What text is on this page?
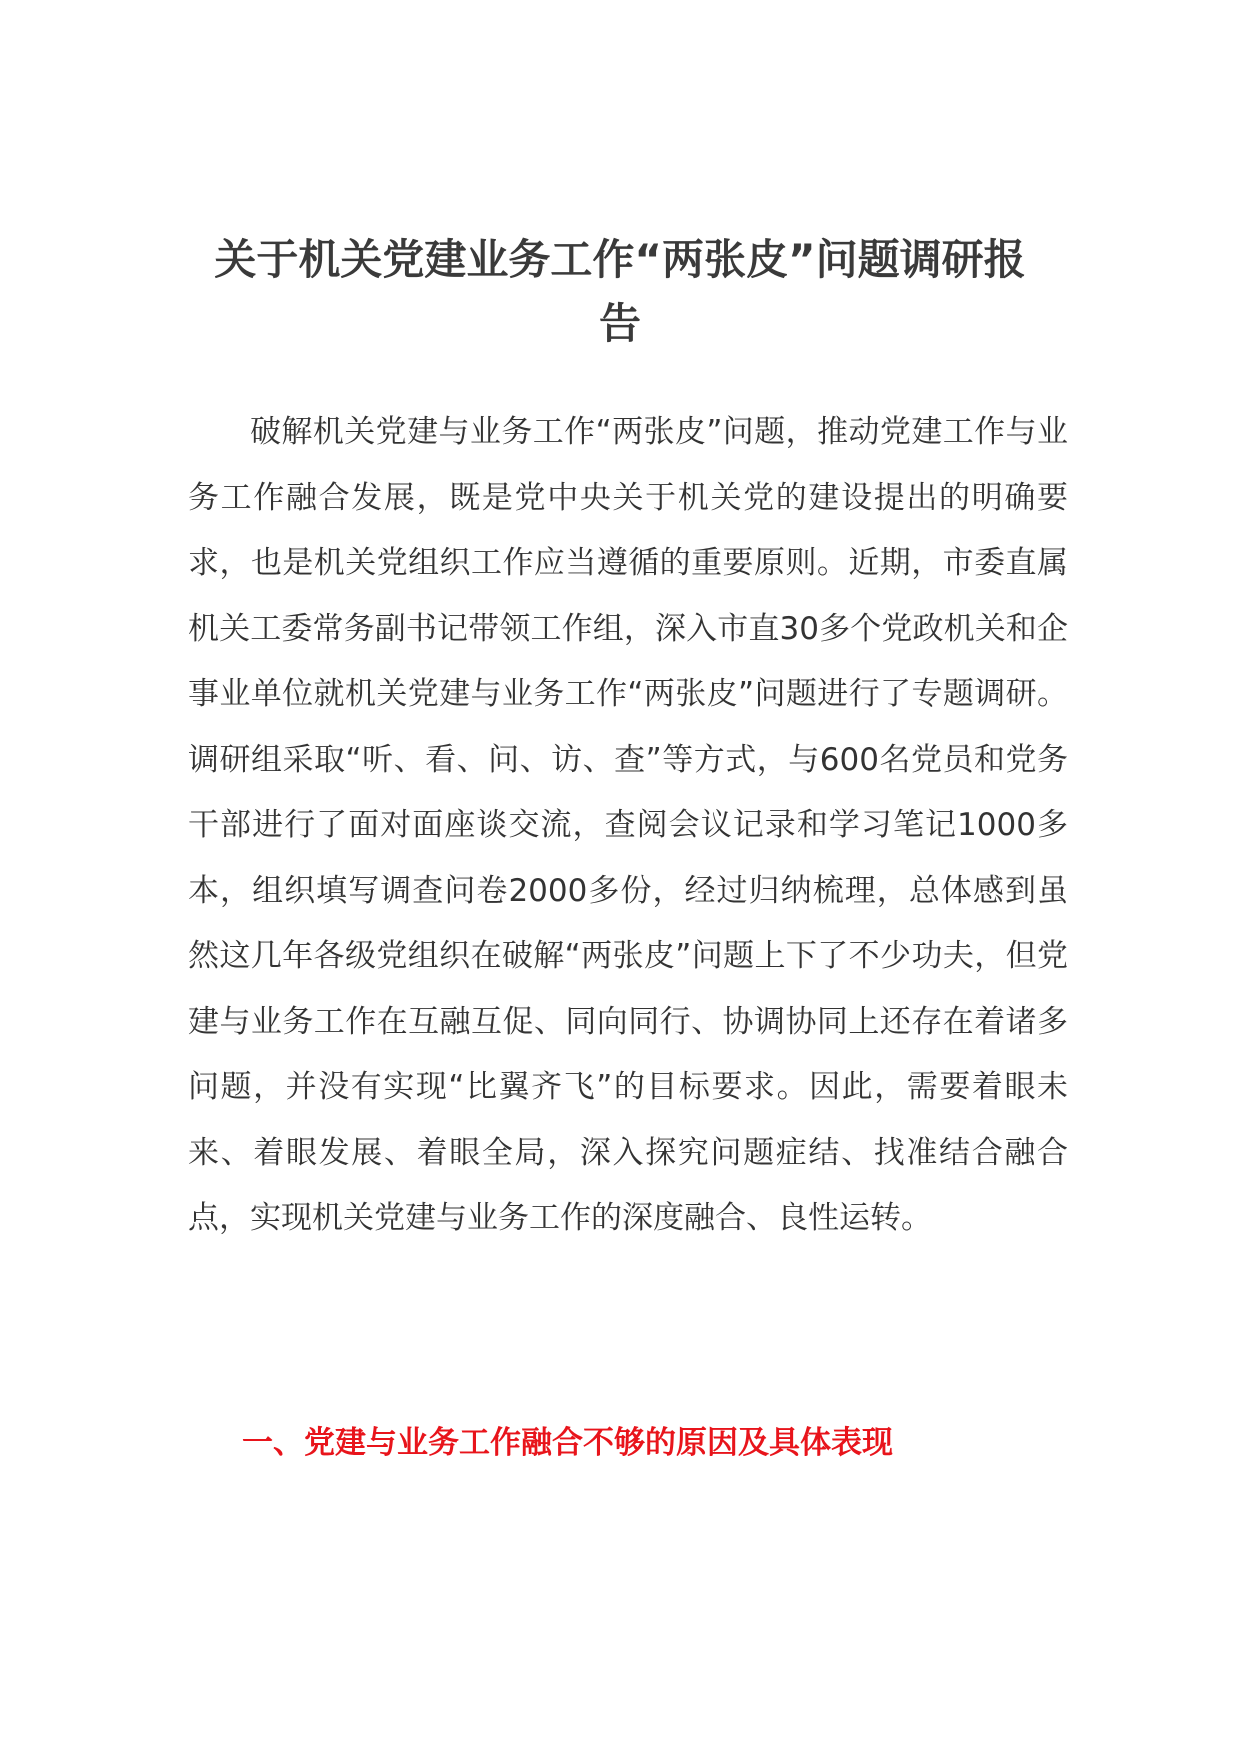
关于机关党建业务工作“两张皮”问题调研报告

破解机关党建与业务工作“两张皮”问题，推动党建工作与业务工作融合发展，既是党中央关于机关党的建设提出的明确要求，也是机关党组织工作应当遵循的重要原则。近期，市委直属机关工委常务副书记带领工作组，深入市直30多个党政机关和企事业单位就机关党建与业务工作“两张皮”问题进行了专题调研。调研组采取“听、看、问、访、查”等方式，与600名党员和党务干部进行了面对面座谈交流，查阅会议记录和学习笔记1000多本，组织填写调查问卷2000多份，经过归纳梳理，总体感到虽然这几年各级党组织在破解“两张皮”问题上下了不少功夫，但党建与业务工作在互融互促、同向同行、协调协同上还存在着诸多问题，并没有实现“比翼齐飞”的目标要求。因此，需要着眼未来、着眼发展、着眼全局，深入探究问题症结、找准结合融合点，实现机关党建与业务工作的深度融合、良性运转。

一、党建与业务工作融合不够的原因及具体表现
